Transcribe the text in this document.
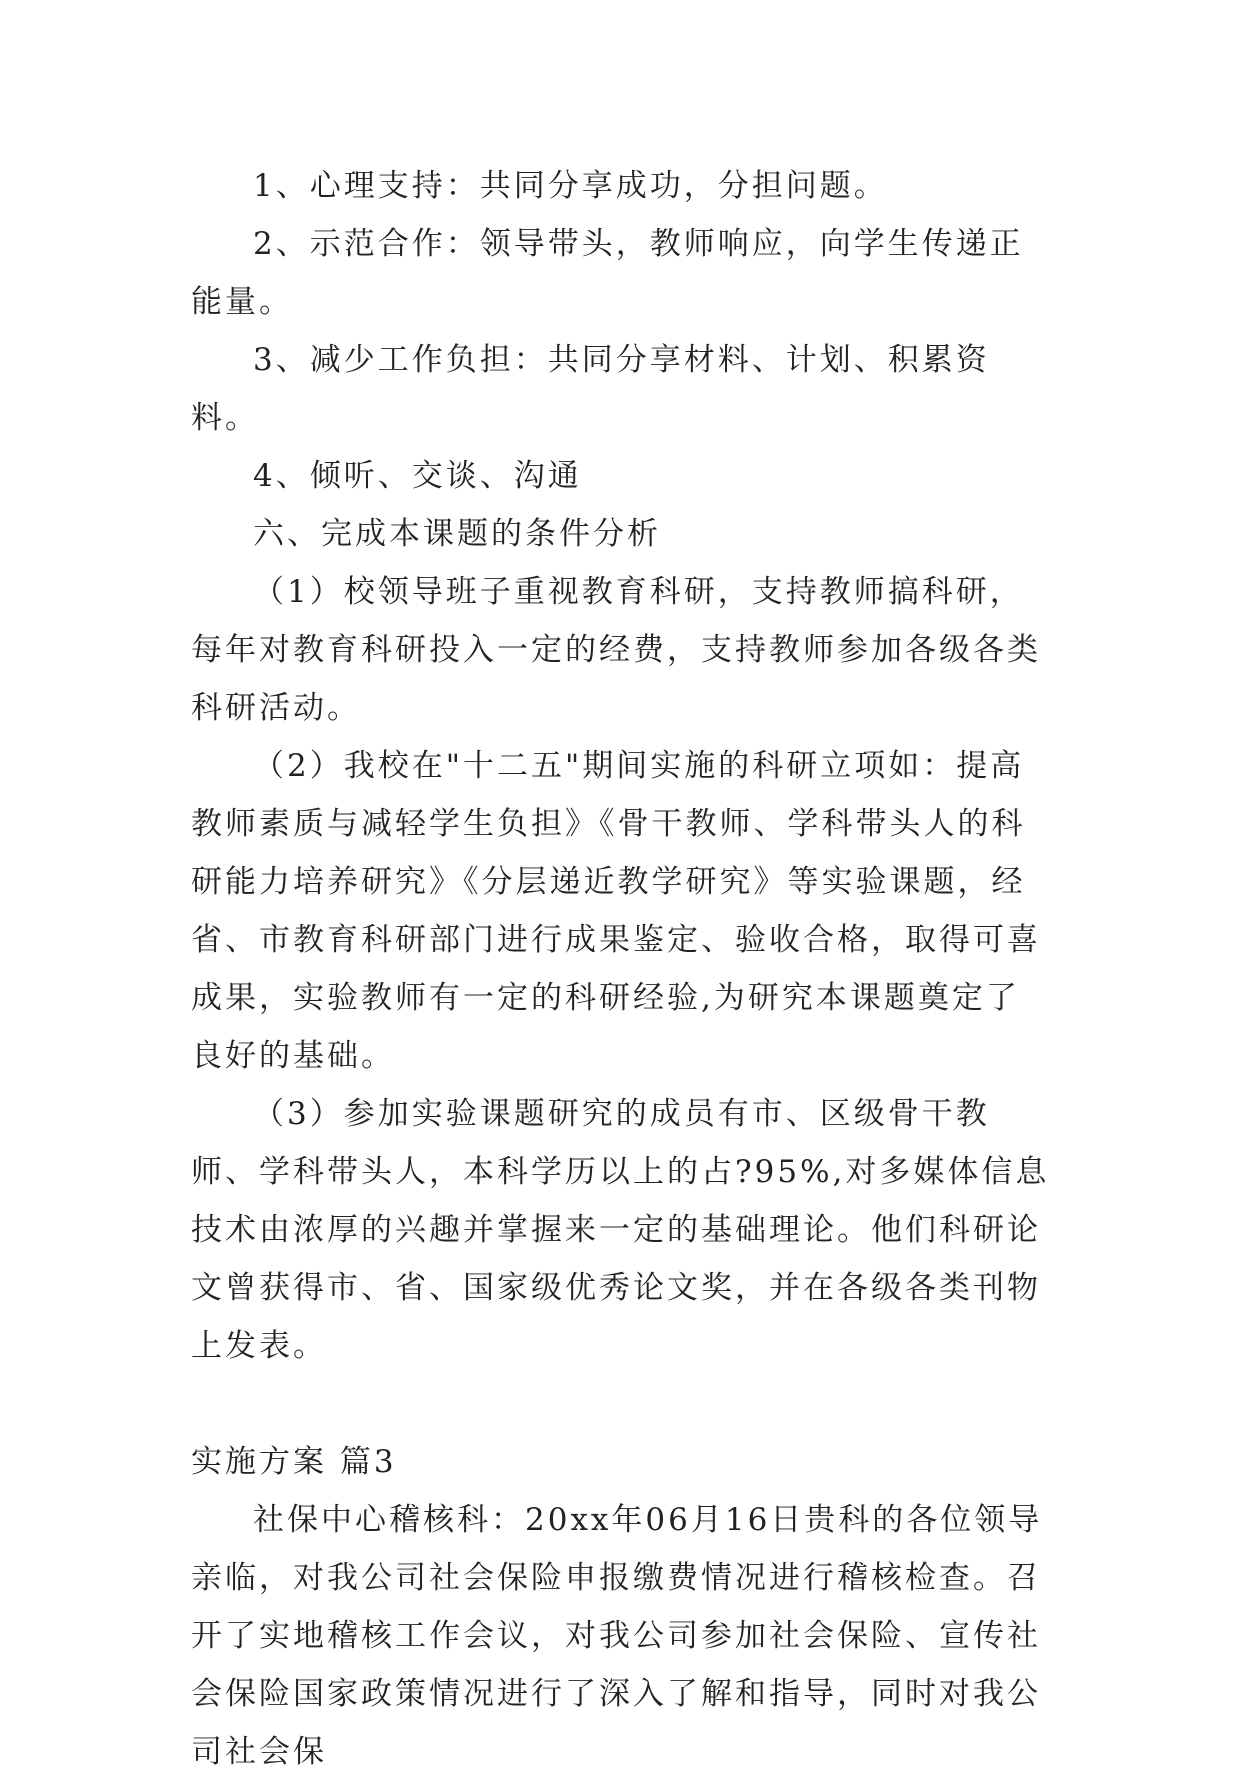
1、心理支持：共同分享成功，分担问题。

2、示范合作：领导带头，教师响应，向学生传递正能量。

3、减少工作负担：共同分享材料、计划、积累资料。

4、倾听、交谈、沟通

六、完成本课题的条件分析

（1）校领导班子重视教育科研，支持教师搞科研，每年对教育科研投入一定的经费，支持教师参加各级各类科研活动。

（2）我校在"十二五"期间实施的科研立项如：提高教师素质与减轻学生负担》《骨干教师、学科带头人的科研能力培养研究》《分层递近教学研究》等实验课题，经省、市教育科研部门进行成果鉴定、验收合格，取得可喜成果，实验教师有一定的科研经验,为研究本课题奠定了良好的基础。

（3）参加实验课题研究的成员有市、区级骨干教师、学科带头人，本科学历以上的占?95%,对多媒体信息技术由浓厚的兴趣并掌握来一定的基础理论。他们科研论文曾获得市、省、国家级优秀论文奖，并在各级各类刊物上发表。

实施方案 篇3

社保中心稽核科：20xx年06月16日贵科的各位领导亲临，对我公司社会保险申报缴费情况进行稽核检查。召开了实地稽核工作会议，对我公司参加社会保险、宣传社会保险国家政策情况进行了深入了解和指导，同时对我公司社会保
